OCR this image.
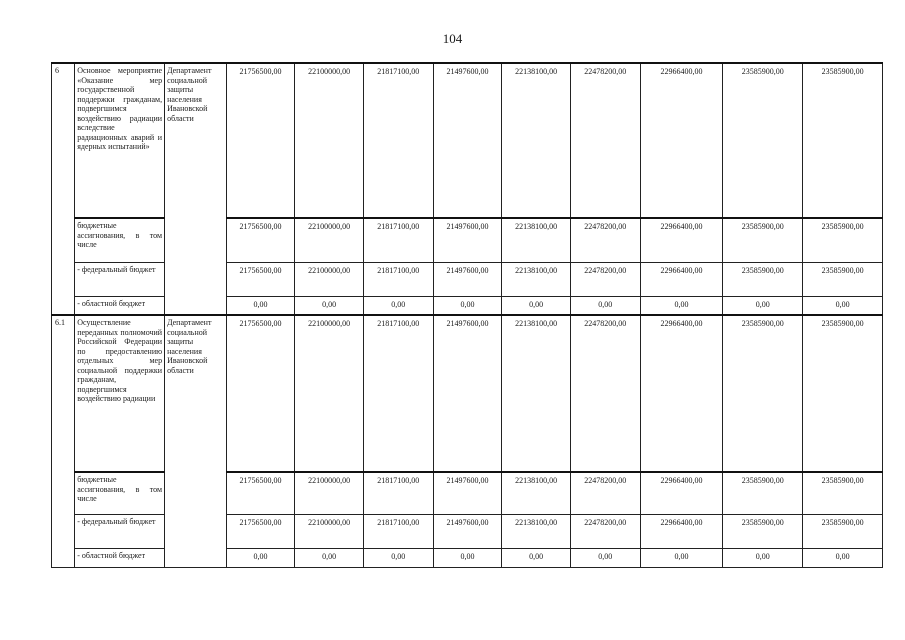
104
6	Основное мероприятие «Оказание мер государственной поддержки гражданам, подвергшимся воздействию радиации вследствие радиационных аварий и ядерных испытаний»	Департамент социальной защиты населения Ивановской области	21756500,00	22100000,00	21817100,00	21497600,00	22138100,00	22478200,00	22966400,00	23585900,00	23585900,00
	бюджетные ассигнования, в том числе		21756500,00	22100000,00	21817100,00	21497600,00	22138100,00	22478200,00	22966400,00	23585900,00	23585900,00
	- федеральный бюджет		21756500,00	22100000,00	21817100,00	21497600,00	22138100,00	22478200,00	22966400,00	23585900,00	23585900,00
	- областной бюджет		0,00	0,00	0,00	0,00	0,00	0,00	0,00	0,00	0,00
6.1	Осуществление переданных полномочий Российской Федерации по предоставлению отдельных мер социальной поддержки гражданам, подвергшимся воздействию радиации	Департамент социальной защиты населения Ивановской области	21756500,00	22100000,00	21817100,00	21497600,00	22138100,00	22478200,00	22966400,00	23585900,00	23585900,00
	бюджетные ассигнования, в том числе		21756500,00	22100000,00	21817100,00	21497600,00	22138100,00	22478200,00	22966400,00	23585900,00	23585900,00
	- федеральный бюджет		21756500,00	22100000,00	21817100,00	21497600,00	22138100,00	22478200,00	22966400,00	23585900,00	23585900,00
	- областной бюджет		0,00	0,00	0,00	0,00	0,00	0,00	0,00	0,00	0,00
